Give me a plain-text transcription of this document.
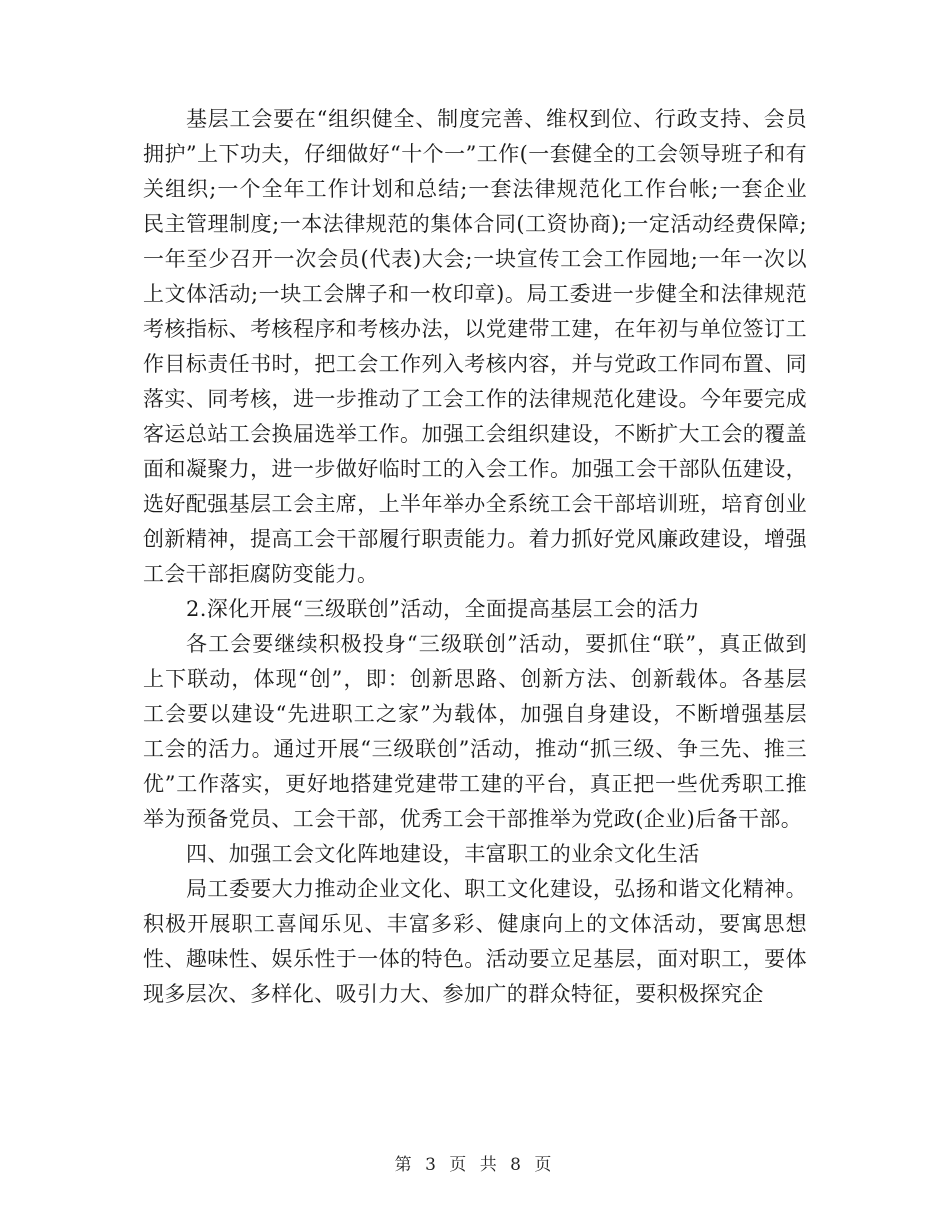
基层工会要在“组织健全、制度完善、维权到位、行政支持、会员拥护”上下功夫，仔细做好“十个一”工作(一套健全的工会领导班子和有关组织;一个全年工作计划和总结;一套法律规范化工作台帐;一套企业民主管理制度;一本法律规范的集体合同(工资协商);一定活动经费保障;一年至少召开一次会员(代表)大会;一块宣传工会工作园地;一年一次以上文体活动;一块工会牌子和一枚印章)。局工委进一步健全和法律规范考核指标、考核程序和考核办法，以党建带工建，在年初与单位签订工作目标责任书时，把工会工作列入考核内容，并与党政工作同布置、同落实、同考核，进一步推动了工会工作的法律规范化建设。今年要完成客运总站工会换届选举工作。加强工会组织建设，不断扩大工会的覆盖面和凝聚力，进一步做好临时工的入会工作。加强工会干部队伍建设，选好配强基层工会主席，上半年举办全系统工会干部培训班，培育创业创新精神，提高工会干部履行职责能力。着力抓好党风廉政建设，增强工会干部拒腐防变能力。

2.深化开展“三级联创”活动，全面提高基层工会的活力

各工会要继续积极投身“三级联创”活动，要抓住“联”，真正做到上下联动，体现“创”，即：创新思路、创新方法、创新载体。各基层工会要以建设“先进职工之家”为载体，加强自身建设，不断增强基层工会的活力。通过开展“三级联创”活动，推动“抓三级、争三先、推三优”工作落实，更好地搭建党建带工建的平台，真正把一些优秀职工推举为预备党员、工会干部，优秀工会干部推举为党政(企业)后备干部。

四、加强工会文化阵地建设，丰富职工的业余文化生活

局工委要大力推动企业文化、职工文化建设，弘扬和谐文化精神。积极开展职工喜闻乐见、丰富多彩、健康向上的文体活动，要寓思想性、趣味性、娱乐性于一体的特色。活动要立足基层，面对职工，要体现多层次、多样化、吸引力大、参加广的群众特征，要积极探究企

第 3 页 共 8 页
